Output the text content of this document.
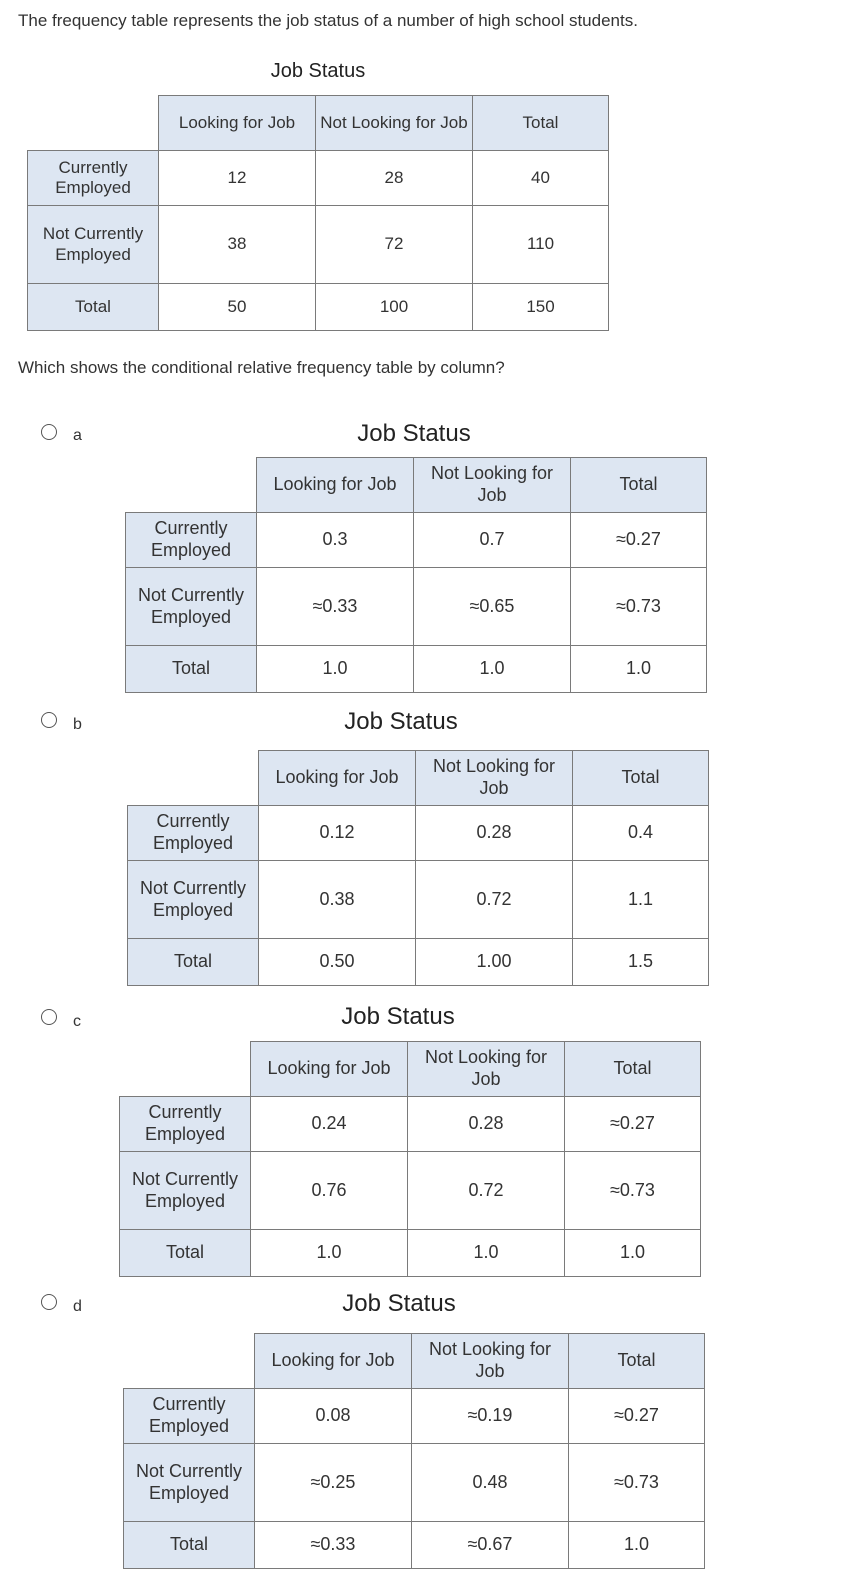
The frequency table represents the job status of a number of high school students.
Job Status
	Looking for Job	Not Looking for Job	Total
Currently Employed	12	28	40
Not Currently Employed	38	72	110
Total	50	100	150
Which shows the conditional relative frequency table by column?
a	Job Status
	Looking for Job	Not Looking for Job	Total
Currently Employed	0.3	0.7	≈0.27
Not Currently Employed	≈0.33	≈0.65	≈0.73
Total	1.0	1.0	1.0
b	Job Status
	Looking for Job	Not Looking for Job	Total
Currently Employed	0.12	0.28	0.4
Not Currently Employed	0.38	0.72	1.1
Total	0.50	1.00	1.5
c	Job Status
	Looking for Job	Not Looking for Job	Total
Currently Employed	0.24	0.28	≈0.27
Not Currently Employed	0.76	0.72	≈0.73
Total	1.0	1.0	1.0
d	Job Status
	Looking for Job	Not Looking for Job	Total
Currently Employed	0.08	≈0.19	≈0.27
Not Currently Employed	≈0.25	0.48	≈0.73
Total	≈0.33	≈0.67	1.0
